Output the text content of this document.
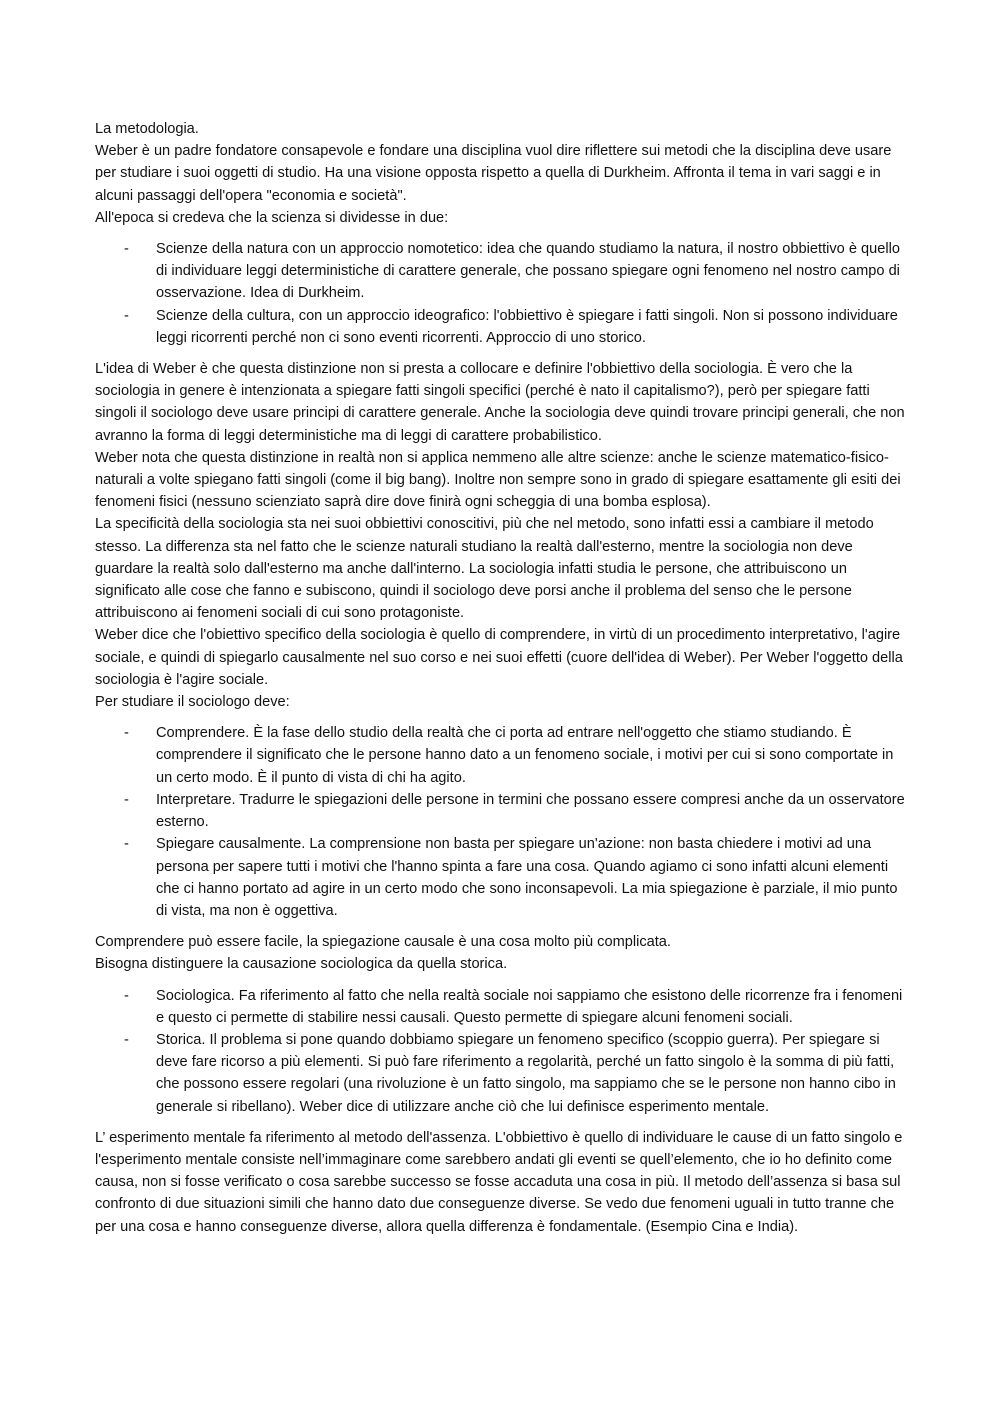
La metodologia.

Weber è un padre fondatore consapevole e fondare una disciplina vuol dire riflettere sui metodi che la disciplina deve usare per studiare i suoi oggetti di studio. Ha una visione opposta rispetto a quella di Durkheim. Affronta il tema in vari saggi e in alcuni passaggi dell'opera "economia e società".

All'epoca si credeva che la scienza si dividesse in due:

- Scienze della natura con un approccio nomotetico: idea che quando studiamo la natura, il nostro obbiettivo è quello di individuare leggi deterministiche di carattere generale, che possano spiegare ogni fenomeno nel nostro campo di osservazione. Idea di Durkheim.
- Scienze della cultura, con un approccio ideografico: l'obbiettivo è spiegare i fatti singoli. Non si possono individuare leggi ricorrenti perché non ci sono eventi ricorrenti. Approccio di uno storico.

L'idea di Weber è che questa distinzione non si presta a collocare e definire l'obbiettivo della sociologia. È vero che la sociologia in genere è intenzionata a spiegare fatti singoli specifici (perché è nato il capitalismo?), però per spiegare fatti singoli il sociologo deve usare principi di carattere generale. Anche la sociologia deve quindi trovare principi generali, che non avranno la forma di leggi deterministiche ma di leggi di carattere probabilistico.

Weber nota che questa distinzione in realtà non si applica nemmeno alle altre scienze: anche le scienze matematico-fisico-naturali a volte spiegano fatti singoli (come il big bang). Inoltre non sempre sono in grado di spiegare esattamente gli esiti dei fenomeni fisici (nessuno scienziato saprà dire dove finirà ogni scheggia di una bomba esplosa).

La specificità della sociologia sta nei suoi obbiettivi conoscitivi, più che nel metodo, sono infatti essi a cambiare il metodo stesso. La differenza sta nel fatto che le scienze naturali studiano la realtà dall'esterno, mentre la sociologia non deve guardare la realtà solo dall'esterno ma anche dall'interno. La sociologia infatti studia le persone, che attribuiscono un significato alle cose che fanno e subiscono, quindi il sociologo deve porsi anche il problema del senso che le persone attribuiscono ai fenomeni sociali di cui sono protagoniste.

Weber dice che l'obiettivo specifico della sociologia è quello di comprendere, in virtù di un procedimento interpretativo, l'agire sociale, e quindi di spiegarlo causalmente nel suo corso e nei suoi effetti (cuore dell'idea di Weber). Per Weber l'oggetto della sociologia è l'agire sociale.

Per studiare il sociologo deve:

- Comprendere. È la fase dello studio della realtà che ci porta ad entrare nell'oggetto che stiamo studiando. È comprendere il significato che le persone hanno dato a un fenomeno sociale, i motivi per cui si sono comportate in un certo modo. È il punto di vista di chi ha agito.
- Interpretare. Tradurre le spiegazioni delle persone in termini che possano essere compresi anche da un osservatore esterno.
- Spiegare causalmente. La comprensione non basta per spiegare un'azione: non basta chiedere i motivi ad una persona per sapere tutti i motivi che l'hanno spinta a fare una cosa. Quando agiamo ci sono infatti alcuni elementi che ci hanno portato ad agire in un certo modo che sono inconsapevoli. La mia spiegazione è parziale, il mio punto di vista, ma non è oggettiva.

Comprendere può essere facile, la spiegazione causale è una cosa molto più complicata.

Bisogna distinguere la causazione sociologica da quella storica.

- Sociologica. Fa riferimento al fatto che nella realtà sociale noi sappiamo che esistono delle ricorrenze fra i fenomeni e questo ci permette di stabilire nessi causali. Questo permette di spiegare alcuni fenomeni sociali.
- Storica. Il problema si pone quando dobbiamo spiegare un fenomeno specifico (scoppio guerra). Per spiegare si deve fare ricorso a più elementi. Si può fare riferimento a regolarità, perché un fatto singolo è la somma di più fatti, che possono essere regolari (una rivoluzione è un fatto singolo, ma sappiamo che se le persone non hanno cibo in generale si ribellano). Weber dice di utilizzare anche ciò che lui definisce esperimento mentale.

L’ esperimento mentale fa riferimento al metodo dell'assenza. L'obbiettivo è quello di individuare le cause di un fatto singolo e l'esperimento mentale consiste nell’immaginare come sarebbero andati gli eventi se quell’elemento, che io ho definito come causa, non si fosse verificato o cosa sarebbe successo se fosse accaduta una cosa in più. Il metodo dell’assenza si basa sul confronto di due situazioni simili che hanno dato due conseguenze diverse. Se vedo due fenomeni uguali in tutto tranne che per una cosa e hanno conseguenze diverse, allora quella differenza è fondamentale. (Esempio Cina e India).
